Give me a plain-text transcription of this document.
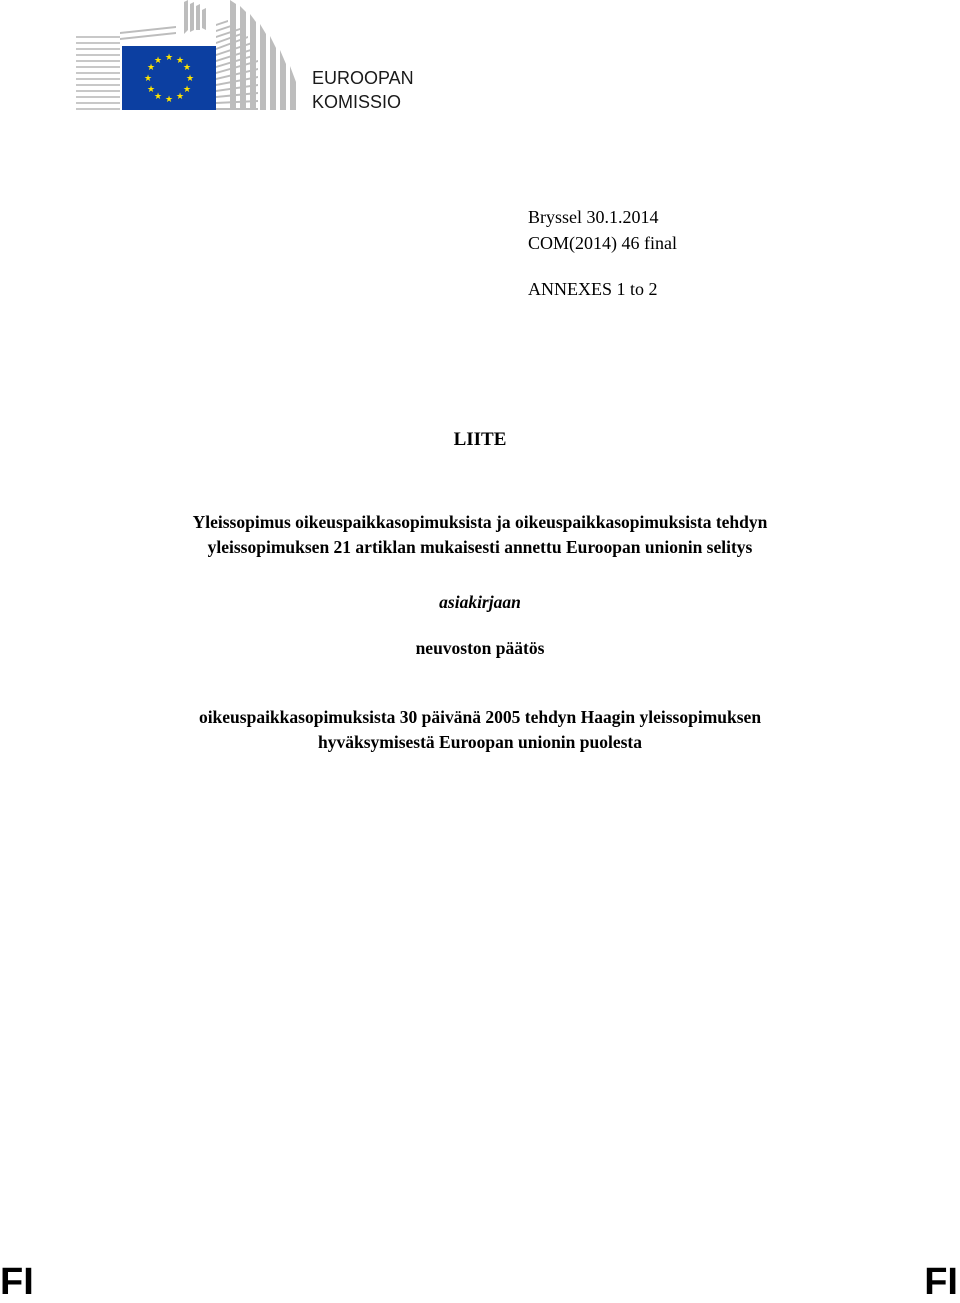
★ ★
★
★
★
★
★
★
★
★
★
★
EUROOPAN
KOMISSIO
Bryssel 30.1.2014
COM(2014) 46 final
ANNEXES 1 to 2
LIITE
Yleissopimus oikeuspaikkasopimuksista ja oikeuspaikkasopimuksista tehdyn
yleissopimuksen 21 artiklan mukaisesti annettu Euroopan unionin selitys
asiakirjaan
neuvoston päätös
oikeuspaikkasopimuksista 30 päivänä 2005 tehdyn Haagin yleissopimuksen
hyväksymisestä Euroopan unionin puolesta
FI	FI
